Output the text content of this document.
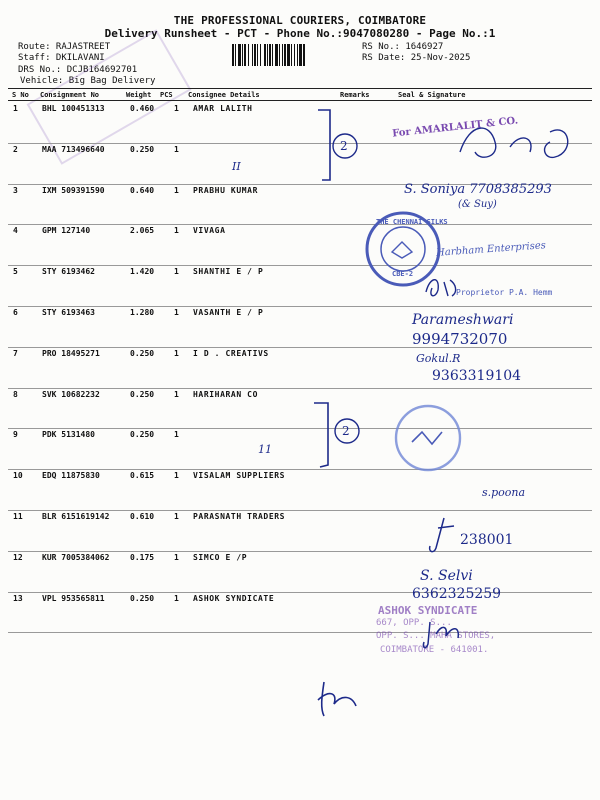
THE PROFESSIONAL COURIERS, COIMBATORE
Delivery Runsheet - PCT - Phone No.:9047080280 - Page No.:1
Route: RAJASTREET
Staff: DKILAVANI
DRS No.: DCJB164692701
Vehicle: Big Bag Delivery
RS No.: 1646927
RS Date: 25-Nov-2025
S No Consignment No	Weight PCS Consignee Details	Remarks	Seal & Signature
1	BHL 100451313	0.460 1 AMAR LALITH
2	MAA 713496640	0.250 1
3	IXM 509391590	0.640 1 PRABHU KUMAR
4	GPM 127140	2.065 1 VIVAGA
5	STY 6193462	1.420 1 SHANTHI E / P
6	STY 6193463	1.280 1 VASANTH E / P
7	PRO 18495271	0.250 1 I D . CREATIVS
8	SVK 10682232	0.250 1 HARIHARAN CO
9	PDK 5131480	0.250 1
10 EDQ 11875830	0.615 1 VISALAM SUPPLIERS
11 BLR 6151619142	0.610 1 PARASNATH TRADERS
12 KUR 7005384062	0.175 1 SIMCO E /P
13 VPL 953565811	0.250 1 ASHOK SYNDICATE
II
11
2
2
For AMARLALIT & CO.
S. Soniya 7708385293
(& Suy)
THE CHENNAI SILKS
CBE-2
Harbham Enterprises
Proprietor P.A. Hemm
Parameshwari
9994732070
Gokul.R
9363319104
s.poona
238001
S. Selvi
6362325259
ASHOK SYNDICATE
667, OPP. S...
OPP. S... MAHA STORES,
COIMBATORE - 641001.
